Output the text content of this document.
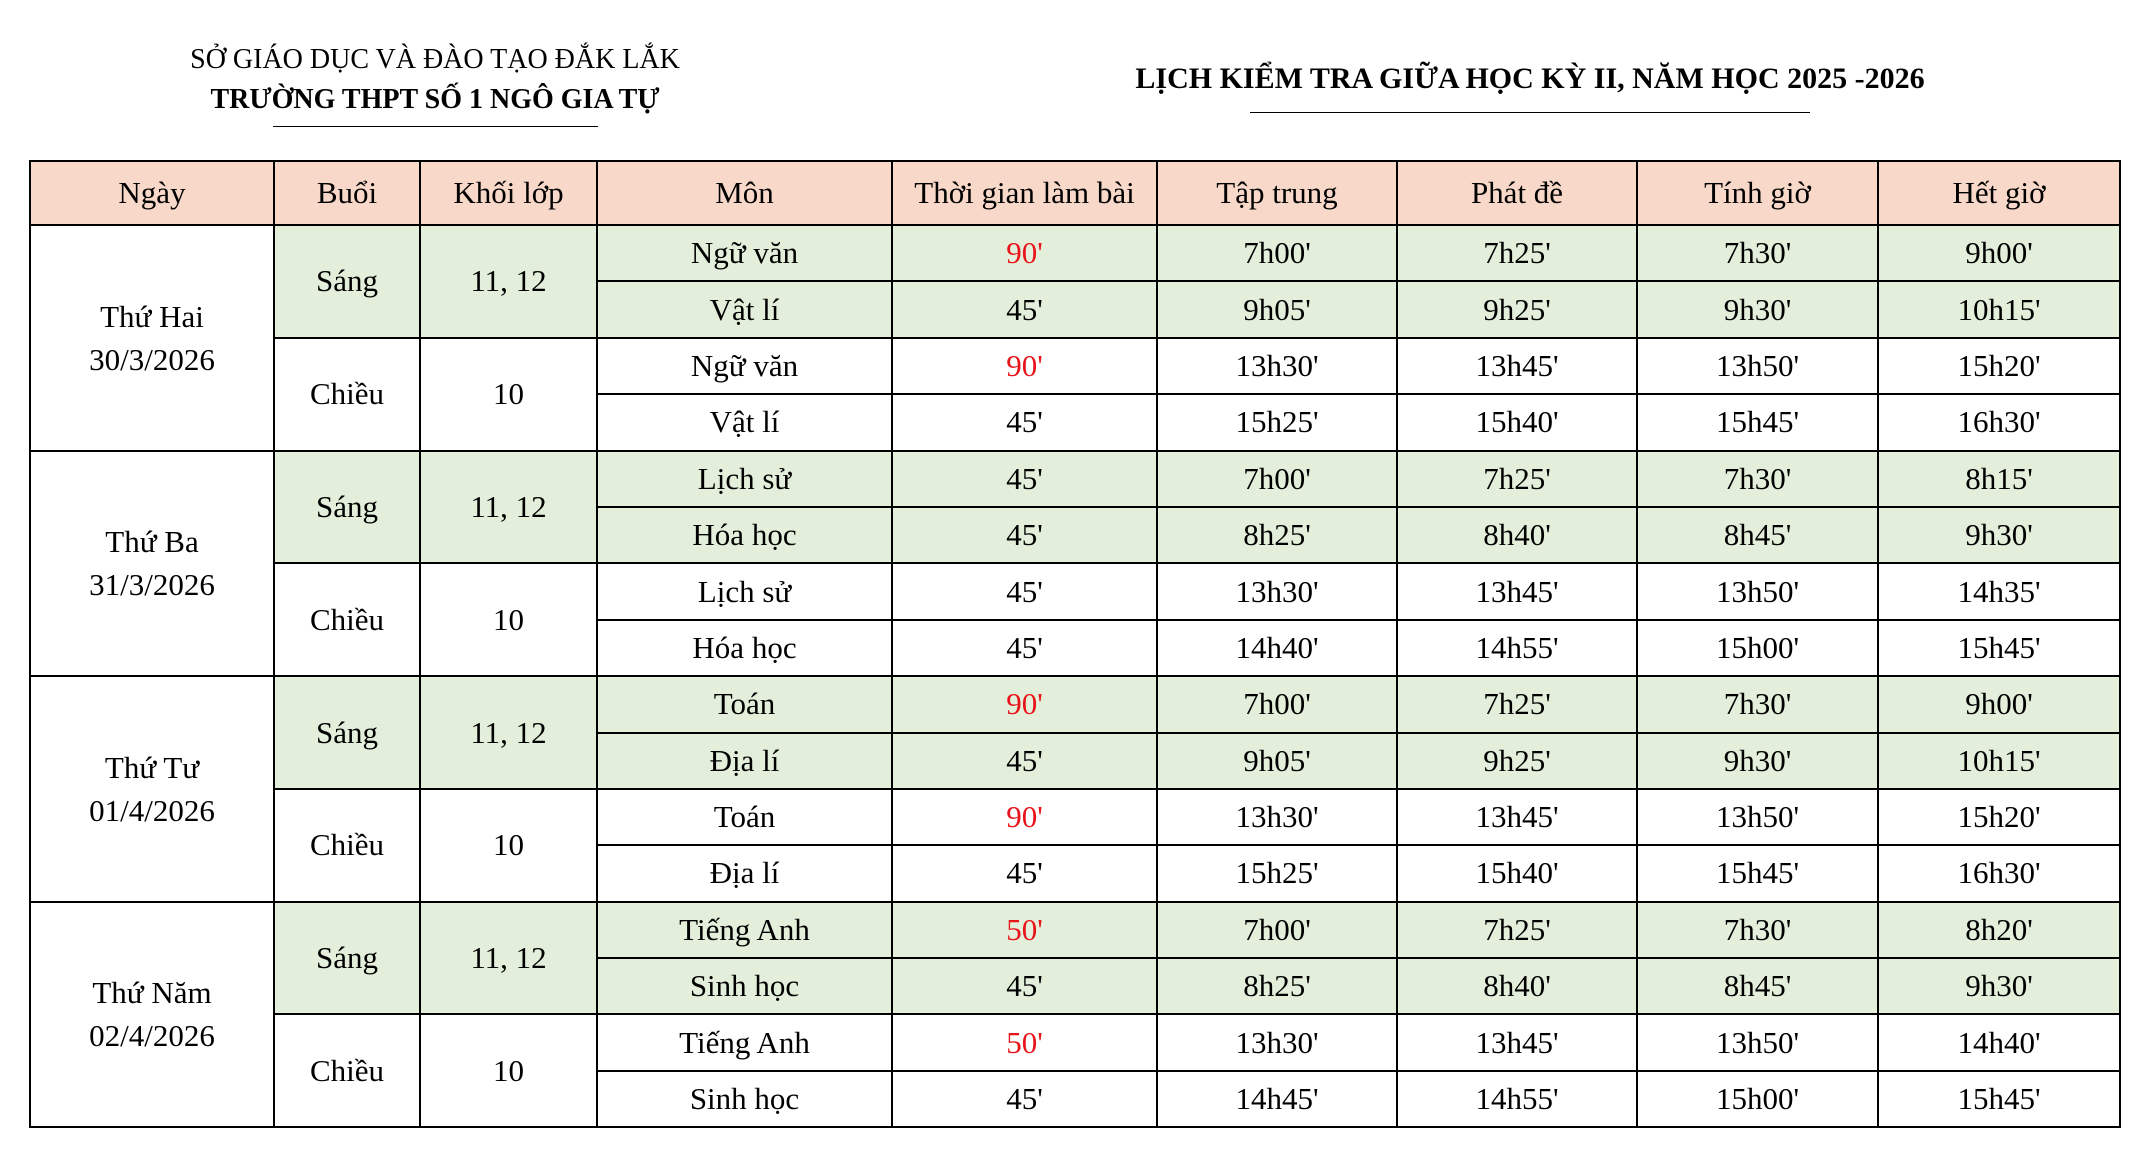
SỞ GIÁO DỤC VÀ ĐÀO TẠO ĐẮK LẮK
TRƯỜNG THPT SỐ 1 NGÔ GIA TỰ
LỊCH KIỂM TRA GIỮA HỌC KỲ II, NĂM HỌC 2025 -2026
Ngày	Buổi	Khối lớp	Môn	Thời gian làm bài	Tập trung	Phát đề	Tính giờ	Hết giờ

Thứ Hai
30/3/2026	Sáng	11, 12	Ngữ văn	90'	7h00'	7h25'	7h30'	9h00'
			Vật lí	45'	9h05'	9h25'	9h30'	10h15'
	Chiều	10	Ngữ văn	90'	13h30'	13h45'	13h50'	15h20'
			Vật lí	45'	15h25'	15h40'	15h45'	16h30'

Thứ Ba
31/3/2026	Sáng	11, 12	Lịch sử	45'	7h00'	7h25'	7h30'	8h15'
			Hóa học	45'	8h25'	8h40'	8h45'	9h30'
	Chiều	10	Lịch sử	45'	13h30'	13h45'	13h50'	14h35'
			Hóa học	45'	14h40'	14h55'	15h00'	15h45'

Thứ Tư
01/4/2026	Sáng	11, 12	Toán	90'	7h00'	7h25'	7h30'	9h00'
			Địa lí	45'	9h05'	9h25'	9h30'	10h15'
	Chiều	10	Toán	90'	13h30'	13h45'	13h50'	15h20'
			Địa lí	45'	15h25'	15h40'	15h45'	16h30'

Thứ Năm
02/4/2026	Sáng	11, 12	Tiếng Anh	50'	7h00'	7h25'	7h30'	8h20'
			Sinh học	45'	8h25'	8h40'	8h45'	9h30'
	Chiều	10	Tiếng Anh	50'	13h30'	13h45'	13h50'	14h40'
			Sinh học	45'	14h45'	14h55'	15h00'	15h45'
